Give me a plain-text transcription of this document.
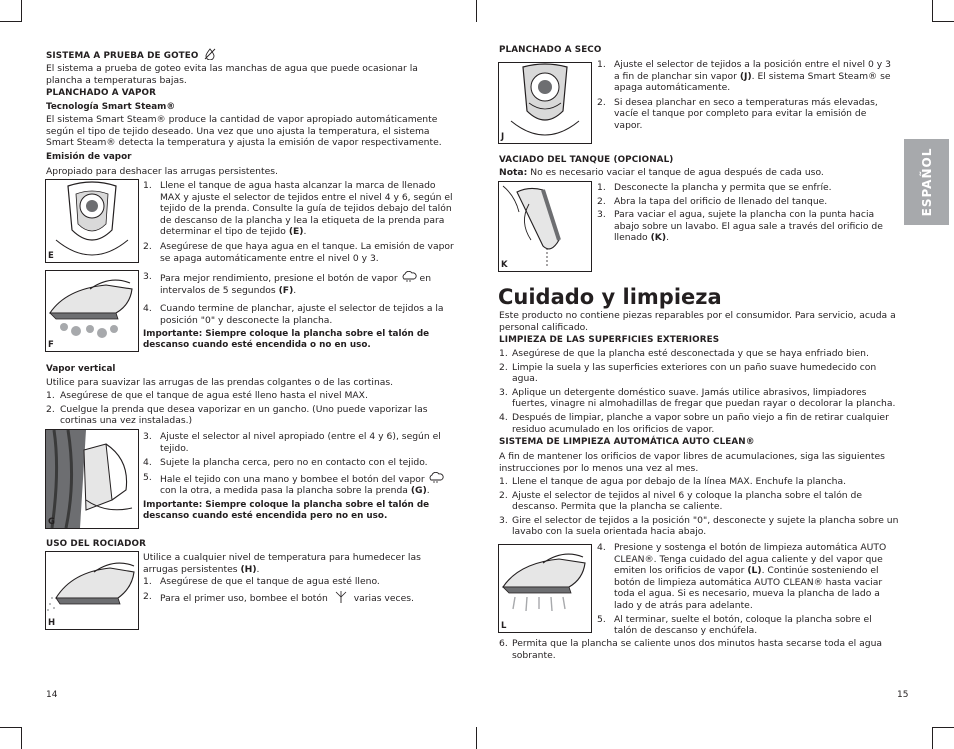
SISTEMA A PRUEBA DE GOTEO
El sistema a prueba de goteo evita las manchas de agua que puede ocasionar la plancha a temperaturas bajas.
PLANCHADO A VAPOR
Tecnología Smart Steam®
El sistema Smart Steam® produce la cantidad de vapor apropiado automáticamente según el tipo de tejido deseado. Una vez que uno ajusta la temperatura, el sistema Smart Steam® detecta la temperatura y ajusta la emisión de vapor respectivamente.
Emisión de vapor
Apropiado para deshacer las arrugas persistentes.
E
1. Llene el tanque de agua hasta alcanzar la marca de llenado MAX y ajuste el selector de tejidos entre el nivel 4 y 6, según el tejido de la prenda. Consulte la guía de tejidos debajo del talón de descanso de la plancha y lea la etiqueta de la prenda para determinar el tipo de tejido (E).
2. Asegúrese de que haya agua en el tanque. La emisión de vapor se apaga automáticamente entre el nivel 0 y 3.
F
3. Para mejor rendimiento, presione el botón de vapor en intervalos de 5 segundos (F).
4. Cuando termine de planchar, ajuste el selector de tejidos a la posición "0" y desconecte la plancha.
Importante: Siempre coloque la plancha sobre el talón de descanso cuando esté encendida o no en uso.
Vapor vertical
Utilice para suavizar las arrugas de las prendas colgantes o de las cortinas.
1. Asegúrese de que el tanque de agua esté lleno hasta el nivel MAX.
2. Cuelgue la prenda que desea vaporizar en un gancho. (Uno puede vaporizar las cortinas una vez instaladas.)
G
3. Ajuste el selector al nivel apropiado (entre el 4 y 6), según el tejido.
4. Sujete la plancha cerca, pero no en contacto con el tejido.
5. Hale el tejido con una mano y bombee el botón del vapor  con la otra, a medida pasa la plancha sobre la prenda (G).
Importante: Siempre coloque la plancha sobre el talón de descanso cuando esté encendida pero no en uso.
USO DEL ROCIADOR
H
Utilice a cualquier nivel de temperatura para humedecer las arrugas persistentes (H).
1. Asegúrese de que el tanque de agua esté lleno.
2. Para el primer uso, bombee el botón	varias veces.
14
PLANCHADO A SECO
J
1. Ajuste el selector de tejidos a la posición entre el nivel 0 y 3 a fin de planchar sin vapor (J). El sistema Smart Steam® se apaga automáticamente.
2. Si desea planchar en seco a temperaturas más elevadas, vacíe el tanque por completo para evitar la emisión de vapor.
VACIADO DEL TANQUE (OPCIONAL)
Nota: No es necesario vaciar el tanque de agua después de cada uso.
K
1. Desconecte la plancha y permita que se enfríe.
2. Abra la tapa del orificio de llenado del tanque.
3. Para vaciar el agua, sujete la plancha con la punta hacia abajo sobre un lavabo. El agua sale a través del orificio de llenado (K).
Cuidado y limpieza
Este producto no contiene piezas reparables por el consumidor. Para servicio, acuda a personal calificado.
LIMPIEZA DE LAS SUPERFICIES EXTERIORES
1. Asegúrese de que la plancha esté desconectada y que se haya enfriado bien.
2. Limpie la suela y las superficies exteriores con un paño suave humedecido con agua.
3. Aplique un detergente doméstico suave. Jamás utilice abrasivos, limpiadores fuertes, vinagre ni almohadillas de fregar que puedan rayar o decolorar la plancha.
4. Después de limpiar, planche a vapor sobre un paño viejo a fin de retirar cualquier residuo acumulado en los orificios de vapor.
SISTEMA DE LIMPIEZA AUTOMÁTICA AUTO CLEAN®
A fin de mantener los orificios de vapor libres de acumulaciones, siga las siguientes instrucciones por lo menos una vez al mes.
1. Llene el tanque de agua por debajo de la línea MAX. Enchufe la plancha.
2. Ajuste el selector de tejidos al nivel 6 y coloque la plancha sobre el talón de descanso. Permita que la plancha se caliente.
3. Gire el selector de tejidos a la posición "0", desconecte y sujete la plancha sobre un lavabo con la suela orientada hacia abajo.
L
4. Presione y sostenga el botón de limpieza automática AUTO CLEAN®. Tenga cuidado del agua caliente y del vapor que emiten los orificios de vapor (L). Continúe sosteniendo el botón de limpieza automática AUTO CLEAN® hasta vaciar toda el agua. Si es necesario, mueva la plancha de lado a lado y de atrás para adelante.
5. Al terminar, suelte el botón, coloque la plancha sobre el talón de descanso y enchúfela.
6. Permita que la plancha se caliente unos dos minutos hasta secarse toda el agua sobrante.
15
ESPAÑOL
